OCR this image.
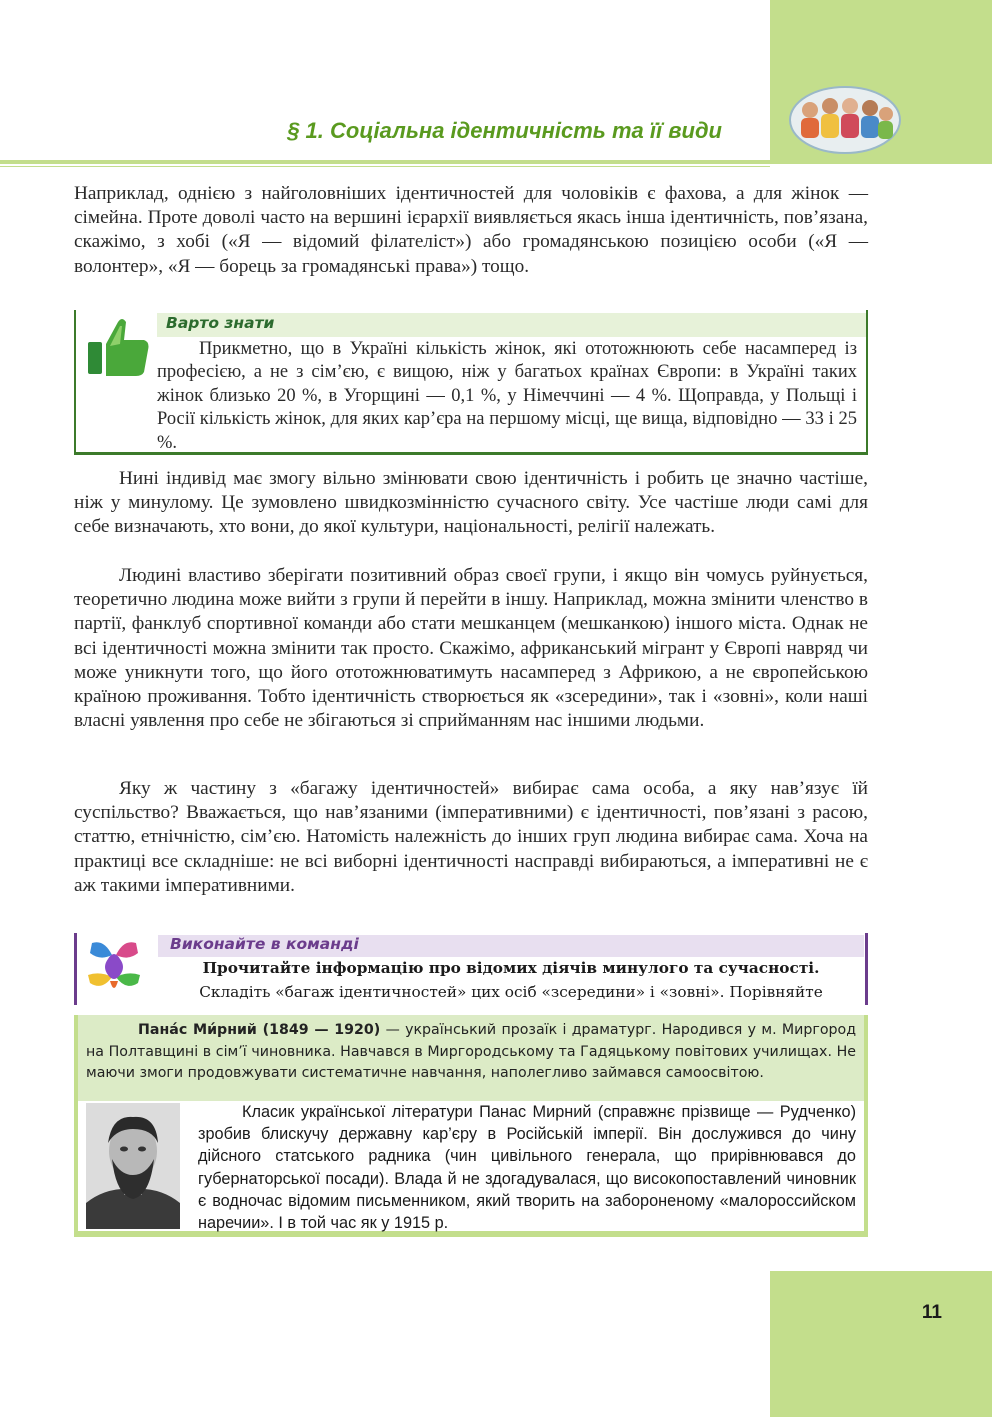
§ 1. Соціальна ідентичність та її види

Наприклад, однією з найголовніших ідентичностей для чоловіків є фахова, а для жінок — сімейна. Проте доволі часто на вершині ієрархії виявляється якась інша ідентичність, пов’язана, скажімо, з хобі («Я — відомий філателіст») або громадянською позицією особи («Я — волонтер», «Я — борець за громадянські права») тощо.

Варто знати

Прикметно, що в Україні кількість жінок, які ототожнюють себе насамперед із професією, а не з сім’єю, є вищою, ніж у багатьох країнах Європи: в Україні таких жінок близько 20 %, в Угорщині — 0,1 %, у Німеччині — 4 %. Щоправда, у Польщі і Росії кількість жінок, для яких кар’єра на першому місці, ще вища, відповідно — 33 і 25 %.

Нині індивід має змогу вільно змінювати свою ідентичність і робить це значно частіше, ніж у минулому. Це зумовлено швидкозмінністю сучасного світу. Усе частіше люди самі для себе визначають, хто вони, до якої культури, національності, релігії належать.

Людині властиво зберігати позитивний образ своєї групи, і якщо він чомусь руйнується, теоретично людина може вийти з групи й перейти в іншу. Наприклад, можна змінити членство в партії, фанклуб спортивної команди або стати мешканцем (мешканкою) іншого міста. Однак не всі ідентичності можна змінити так просто. Скажімо, африканський мігрант у Європі навряд чи може уникнути того, що його ототожнюватимуть насамперед з Африкою, а не європейською країною проживання. Тобто ідентичність створюється як «зсередини», так і «зовні», коли наші власні уявлення про себе не збігаються зі сприйманням нас іншими людьми.

Яку ж частину з «багажу ідентичностей» вибирає сама особа, а яку нав’язує їй суспільство? Вважається, що нав’язаними (імперативними) є ідентичності, пов’язані з расою, статтю, етнічністю, сім’єю. Натомість належність до інших груп людина вибирає сама. Хоча на практиці все складніше: не всі виборні ідентичності насправді вибираються, а імперативні не є аж такими імперативними.

Виконайте в команді
Прочитайте інформацію про відомих діячів минулого та сучасності.
Складіть «багаж ідентичностей» цих осіб «зсередини» і «зовні». Порівняйте

Пана́с Ми́рний (1849 — 1920) — український прозаїк і драматург. Народився у м. Миргород на Полтавщині в сім’ї чиновника. Навчався в Миргородському та Гадяцькому повітових училищах. Не маючи змоги продовжувати систематичне навчання, наполегливо займався самоосвітою.

Класик української літератури Панас Мирний (справжнє прізвище — Рудченко) зробив блискучу державну кар’єру в Російській імперії. Він дослужився до чину дійсного статського радника (чин цивільного генерала, що прирівнювався до губернаторської посади). Влада й не здогадувалася, що високопоставлений чиновник є водночас відомим письменником, який творить на забороненому «малороссийском наречии». І в той час як у 1915 р.

11
